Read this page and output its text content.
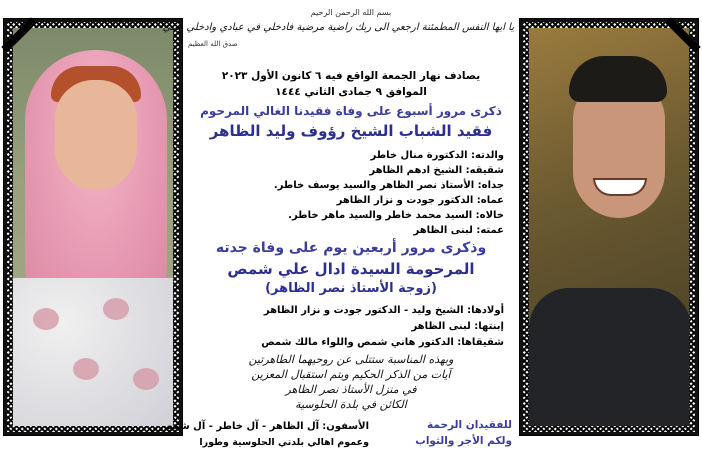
بسم الله الرحمن الرحيم
يا ايها النفس المطمئنة ارجعي الى ربك راضية مرضية فادخلي في عبادي وادخلي جنتي
صدق الله العظيم
يصادف نهار الجمعة الواقع فيه ٦ كانون الأول ٢٠٢٣
الموافق ٩ جمادى الثاني ١٤٤٤
ذكرى مرور أسبوع على وفاة فقيدنا الغالي المرحوم
فقيد الشباب الشيخ رؤوف وليد الظاهر
والدته: الدكتورة منال خاطر
شقيقه: الشيخ ادهم الظاهر
جداه: الأستاذ نصر الظاهر والسيد يوسف خاطر.
عماه: الدكتور جودت و نزار الظاهر
خالاه: السيد محمد خاطر والسيد ماهر خاطر.
عمته: لبنى الظاهر
وذكرى مرور أربعين يوم على وفاة جدته
المرحومة السيدة ادال علي شمص
(زوجة الأستاذ نصر الظاهر)
أولادها: الشيخ وليد - الدكتور جودت و نزار الظاهر
إبنتها: لبنى الظاهر
شقيقاها: الدكتور هاني شمص واللواء مالك شمص
وبهذه المناسبة ستتلى عن روحيهما الطاهرتين
آيات من الذكر الحكيم ويتم استقبال المعزين
في منزل الأستاذ نصر الظاهر
الكائن في بلدة الحلوسية
للفقيدان الرحمة
ولكم الأجر والثواب
الأسفون: آل الظاهر - آل خاطر - آل شمص
وعموم اهالي بلدتي الحلوسية وطورا
